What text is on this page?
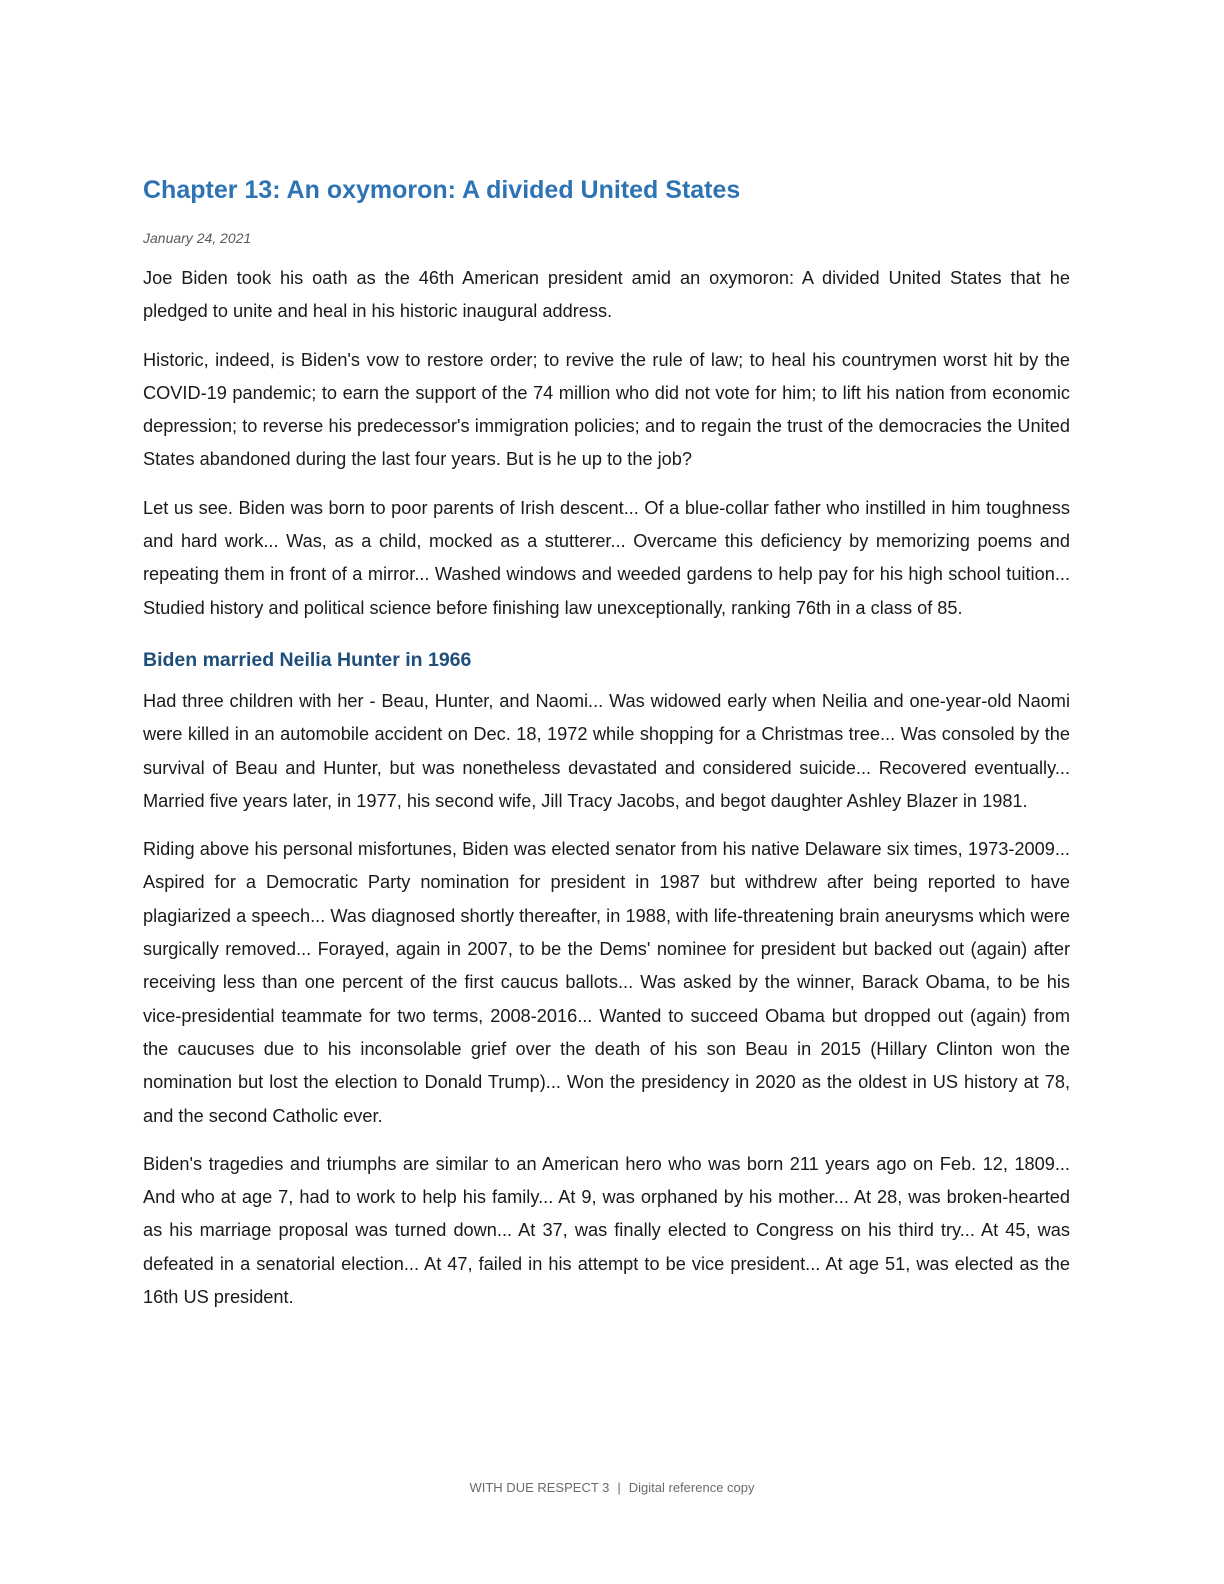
Chapter 13: An oxymoron: A divided United States
January 24, 2021

Joe Biden took his oath as the 46th American president amid an oxymoron: A divided United States that he pledged to unite and heal in his historic inaugural address.

Historic, indeed, is Biden's vow to restore order; to revive the rule of law; to heal his countrymen worst hit by the COVID-19 pandemic; to earn the support of the 74 million who did not vote for him; to lift his nation from economic depression; to reverse his predecessor's immigration policies; and to regain the trust of the democracies the United States abandoned during the last four years. But is he up to the job?

Let us see. Biden was born to poor parents of Irish descent... Of a blue-collar father who instilled in him toughness and hard work... Was, as a child, mocked as a stutterer... Overcame this deficiency by memorizing poems and repeating them in front of a mirror... Washed windows and weeded gardens to help pay for his high school tuition... Studied history and political science before finishing law unexceptionally, ranking 76th in a class of 85.

Biden married Neilia Hunter in 1966

Had three children with her - Beau, Hunter, and Naomi... Was widowed early when Neilia and one-year-old Naomi were killed in an automobile accident on Dec. 18, 1972 while shopping for a Christmas tree... Was consoled by the survival of Beau and Hunter, but was nonetheless devastated and considered suicide... Recovered eventually... Married five years later, in 1977, his second wife, Jill Tracy Jacobs, and begot daughter Ashley Blazer in 1981.

Riding above his personal misfortunes, Biden was elected senator from his native Delaware six times, 1973-2009... Aspired for a Democratic Party nomination for president in 1987 but withdrew after being reported to have plagiarized a speech... Was diagnosed shortly thereafter, in 1988, with life-threatening brain aneurysms which were surgically removed... Forayed, again in 2007, to be the Dems' nominee for president but backed out (again) after receiving less than one percent of the first caucus ballots... Was asked by the winner, Barack Obama, to be his vice-presidential teammate for two terms, 2008-2016... Wanted to succeed Obama but dropped out (again) from the caucuses due to his inconsolable grief over the death of his son Beau in 2015 (Hillary Clinton won the nomination but lost the election to Donald Trump)... Won the presidency in 2020 as the oldest in US history at 78, and the second Catholic ever.

Biden's tragedies and triumphs are similar to an American hero who was born 211 years ago on Feb. 12, 1809... And who at age 7, had to work to help his family... At 9, was orphaned by his mother... At 28, was broken-hearted as his marriage proposal was turned down... At 37, was finally elected to Congress on his third try... At 45, was defeated in a senatorial election... At 47, failed in his attempt to be vice president... At age 51, was elected as the 16th US president.

WITH DUE RESPECT 3 | Digital reference copy
